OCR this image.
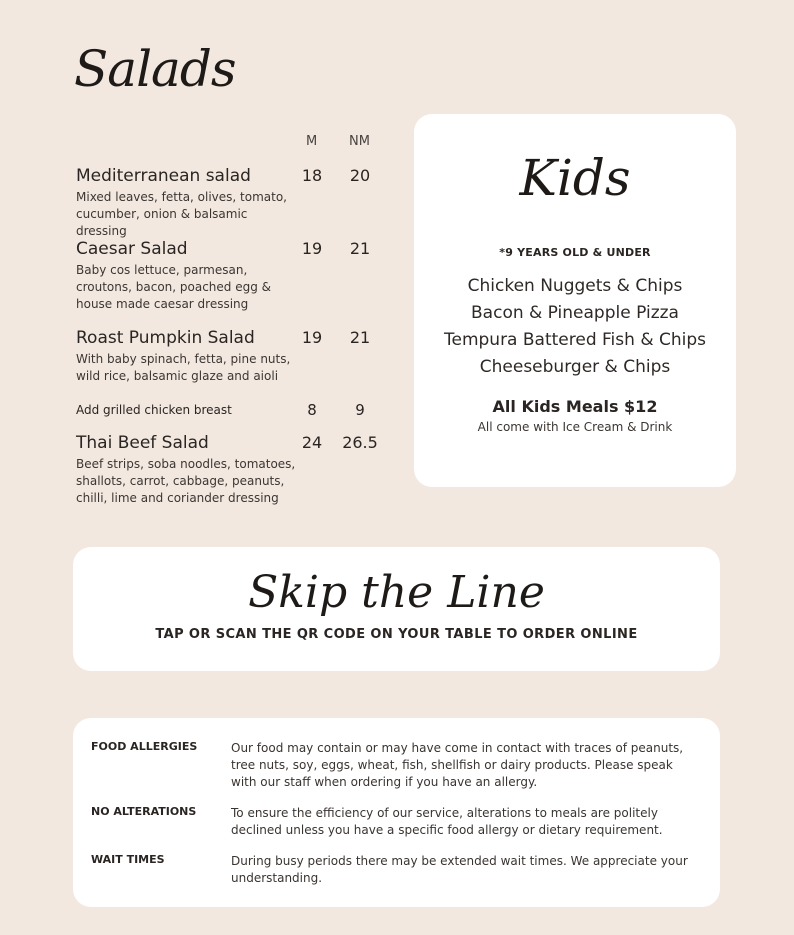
Salads
M NM
Mediterranean salad	18	20
Mixed leaves, fetta, olives, tomato, cucumber, onion & balsamic dressing
Caesar Salad	19	21
Baby cos lettuce, parmesan, croutons, bacon, poached egg & house made caesar dressing
Roast Pumpkin Salad	19	21
With baby spinach, fetta, pine nuts, wild rice, balsamic glaze and aioli
Add grilled chicken breast	8	9
Thai Beef Salad	24	26.5
Beef strips, soba noodles, tomatoes, shallots, carrot, cabbage, peanuts, chilli, lime and coriander dressing
Kids
*9 YEARS OLD & UNDER
Chicken Nuggets & Chips
Bacon & Pineapple Pizza
Tempura Battered Fish & Chips
Cheeseburger & Chips
All Kids Meals $12
All come with Ice Cream & Drink
Skip the Line
TAP OR SCAN THE QR CODE ON YOUR TABLE TO ORDER ONLINE
FOOD ALLERGIES	Our food may contain or may have come in contact with traces of peanuts, tree nuts, soy, eggs, wheat, fish, shellfish or dairy products. Please speak with our staff when ordering if you have an allergy.
NO ALTERATIONS	To ensure the efficiency of our service, alterations to meals are politely declined unless you have a specific food allergy or dietary requirement.
WAIT TIMES	During busy periods there may be extended wait times. We appreciate your understanding.
